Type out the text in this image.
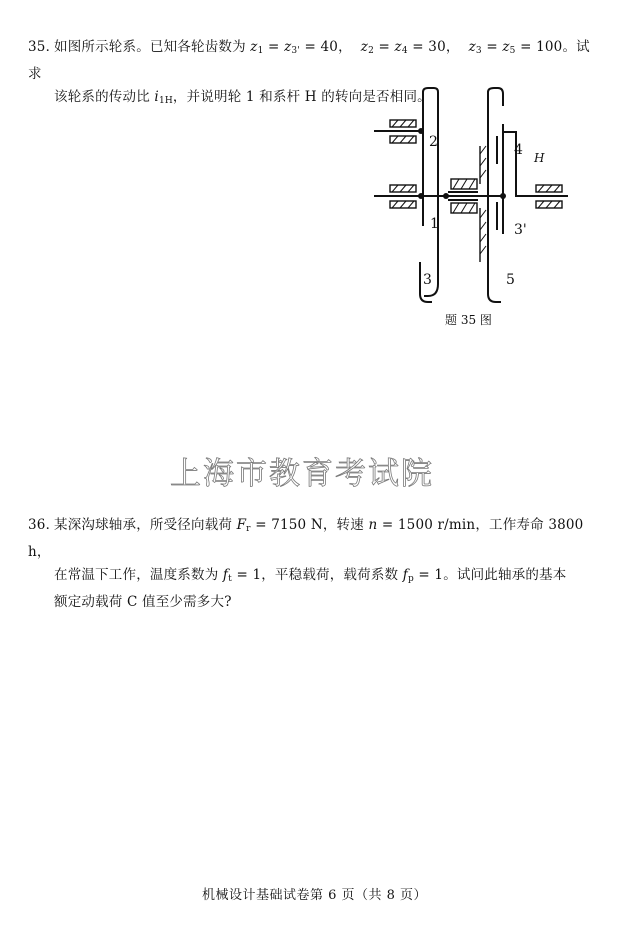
35．如图所示轮系。已知各轮齿数为 $z_1 = z_{3'} = 40$， $z_2 = z_4 = 30$， $z_3 = z_5 = 100$。试求
该轮系的传动比 $i_{1H}$，并说明轮 1 和系杆 H 的转向是否相同。
2
1
3
4 H
3'
5
题 35 图
上海市教育考试院
36．某深沟球轴承，所受径向载荷 $F_r = 7150$ N，转速 n = 1500 r/min，工作寿命 3800 h，
在常温下工作，温度系数为 $f_t = 1$，平稳载荷，载荷系数 $f_p = 1$。试问此轴承的基本
额定动载荷 C 值至少需多大?
机械设计基础试卷第 6 页（共 8 页）
